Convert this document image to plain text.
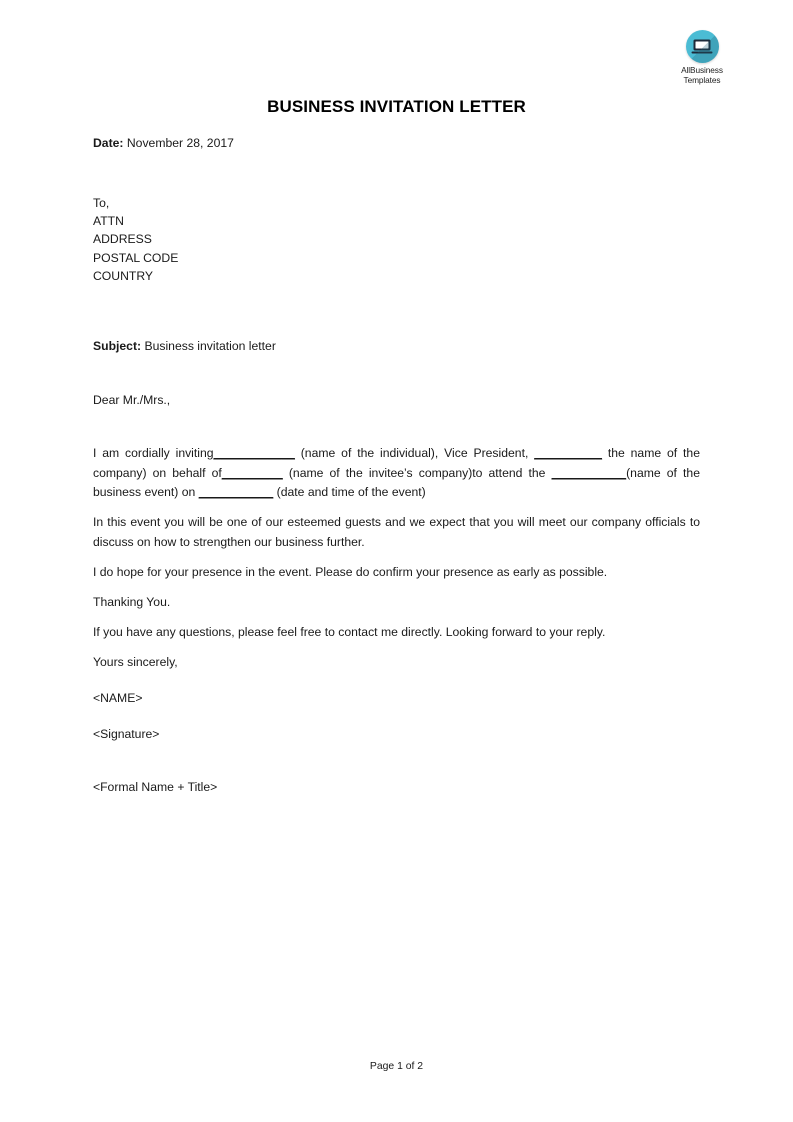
AllBusiness
Templates
BUSINESS INVITATION LETTER
Date: November 28, 2017
To,
ATTN
ADDRESS
POSTAL CODE
COUNTRY
Subject: Business invitation letter
Dear Mr./Mrs.,
I am cordially inviting____________ (name of the individual), Vice President, __________ the name of the company) on behalf of_________ (name of the invitee’s company)to attend the ___________(name of the business event) on ___________ (date and time of the event)
In this event you will be one of our esteemed guests and we expect that you will meet our company officials to discuss on how to strengthen our business further.
I do hope for your presence in the event. Please do confirm your presence as early as possible.
Thanking You.
If you have any questions, please feel free to contact me directly. Looking forward to your reply.
Yours sincerely,
<NAME>
<Signature>
<Formal Name + Title>
Page 1 of 2
